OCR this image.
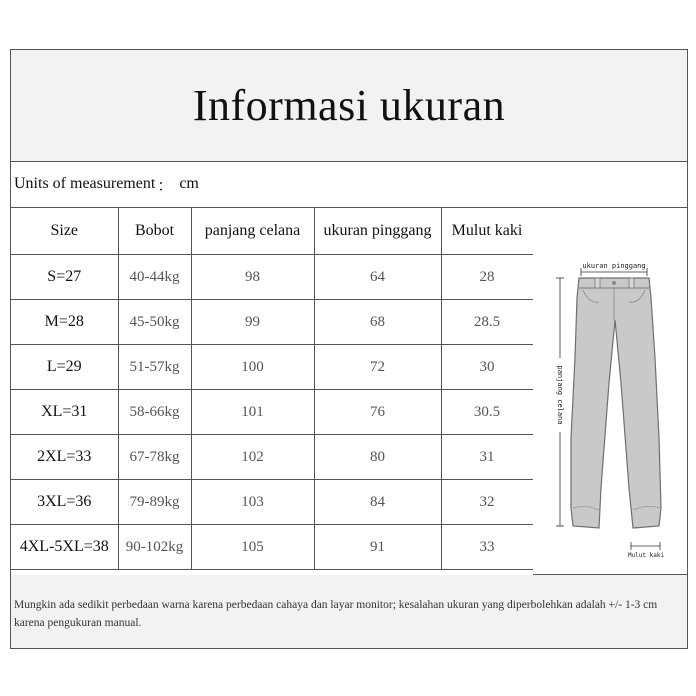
Informasi ukuran
Units of measurement ： cm
Size	Bobot	panjang celana	ukuran pinggang	Mulut kaki
S=27	40-44kg	98	64	28
M=28	45-50kg	99	68	28.5
L=29	51-57kg	100	72	30
XL=31	58-66kg	101	76	30.5
2XL=33	67-78kg	102	80	31
3XL=36	79-89kg	103	84	32
4XL-5XL=38	90-102kg	105	91	33
ukuran pinggang
panjang celana
Mulut kaki
Mungkin ada sedikit perbedaan warna karena perbedaan cahaya dan layar monitor; kesalahan ukuran yang diperbolehkan adalah +/- 1-3 cm karena pengukuran manual.
